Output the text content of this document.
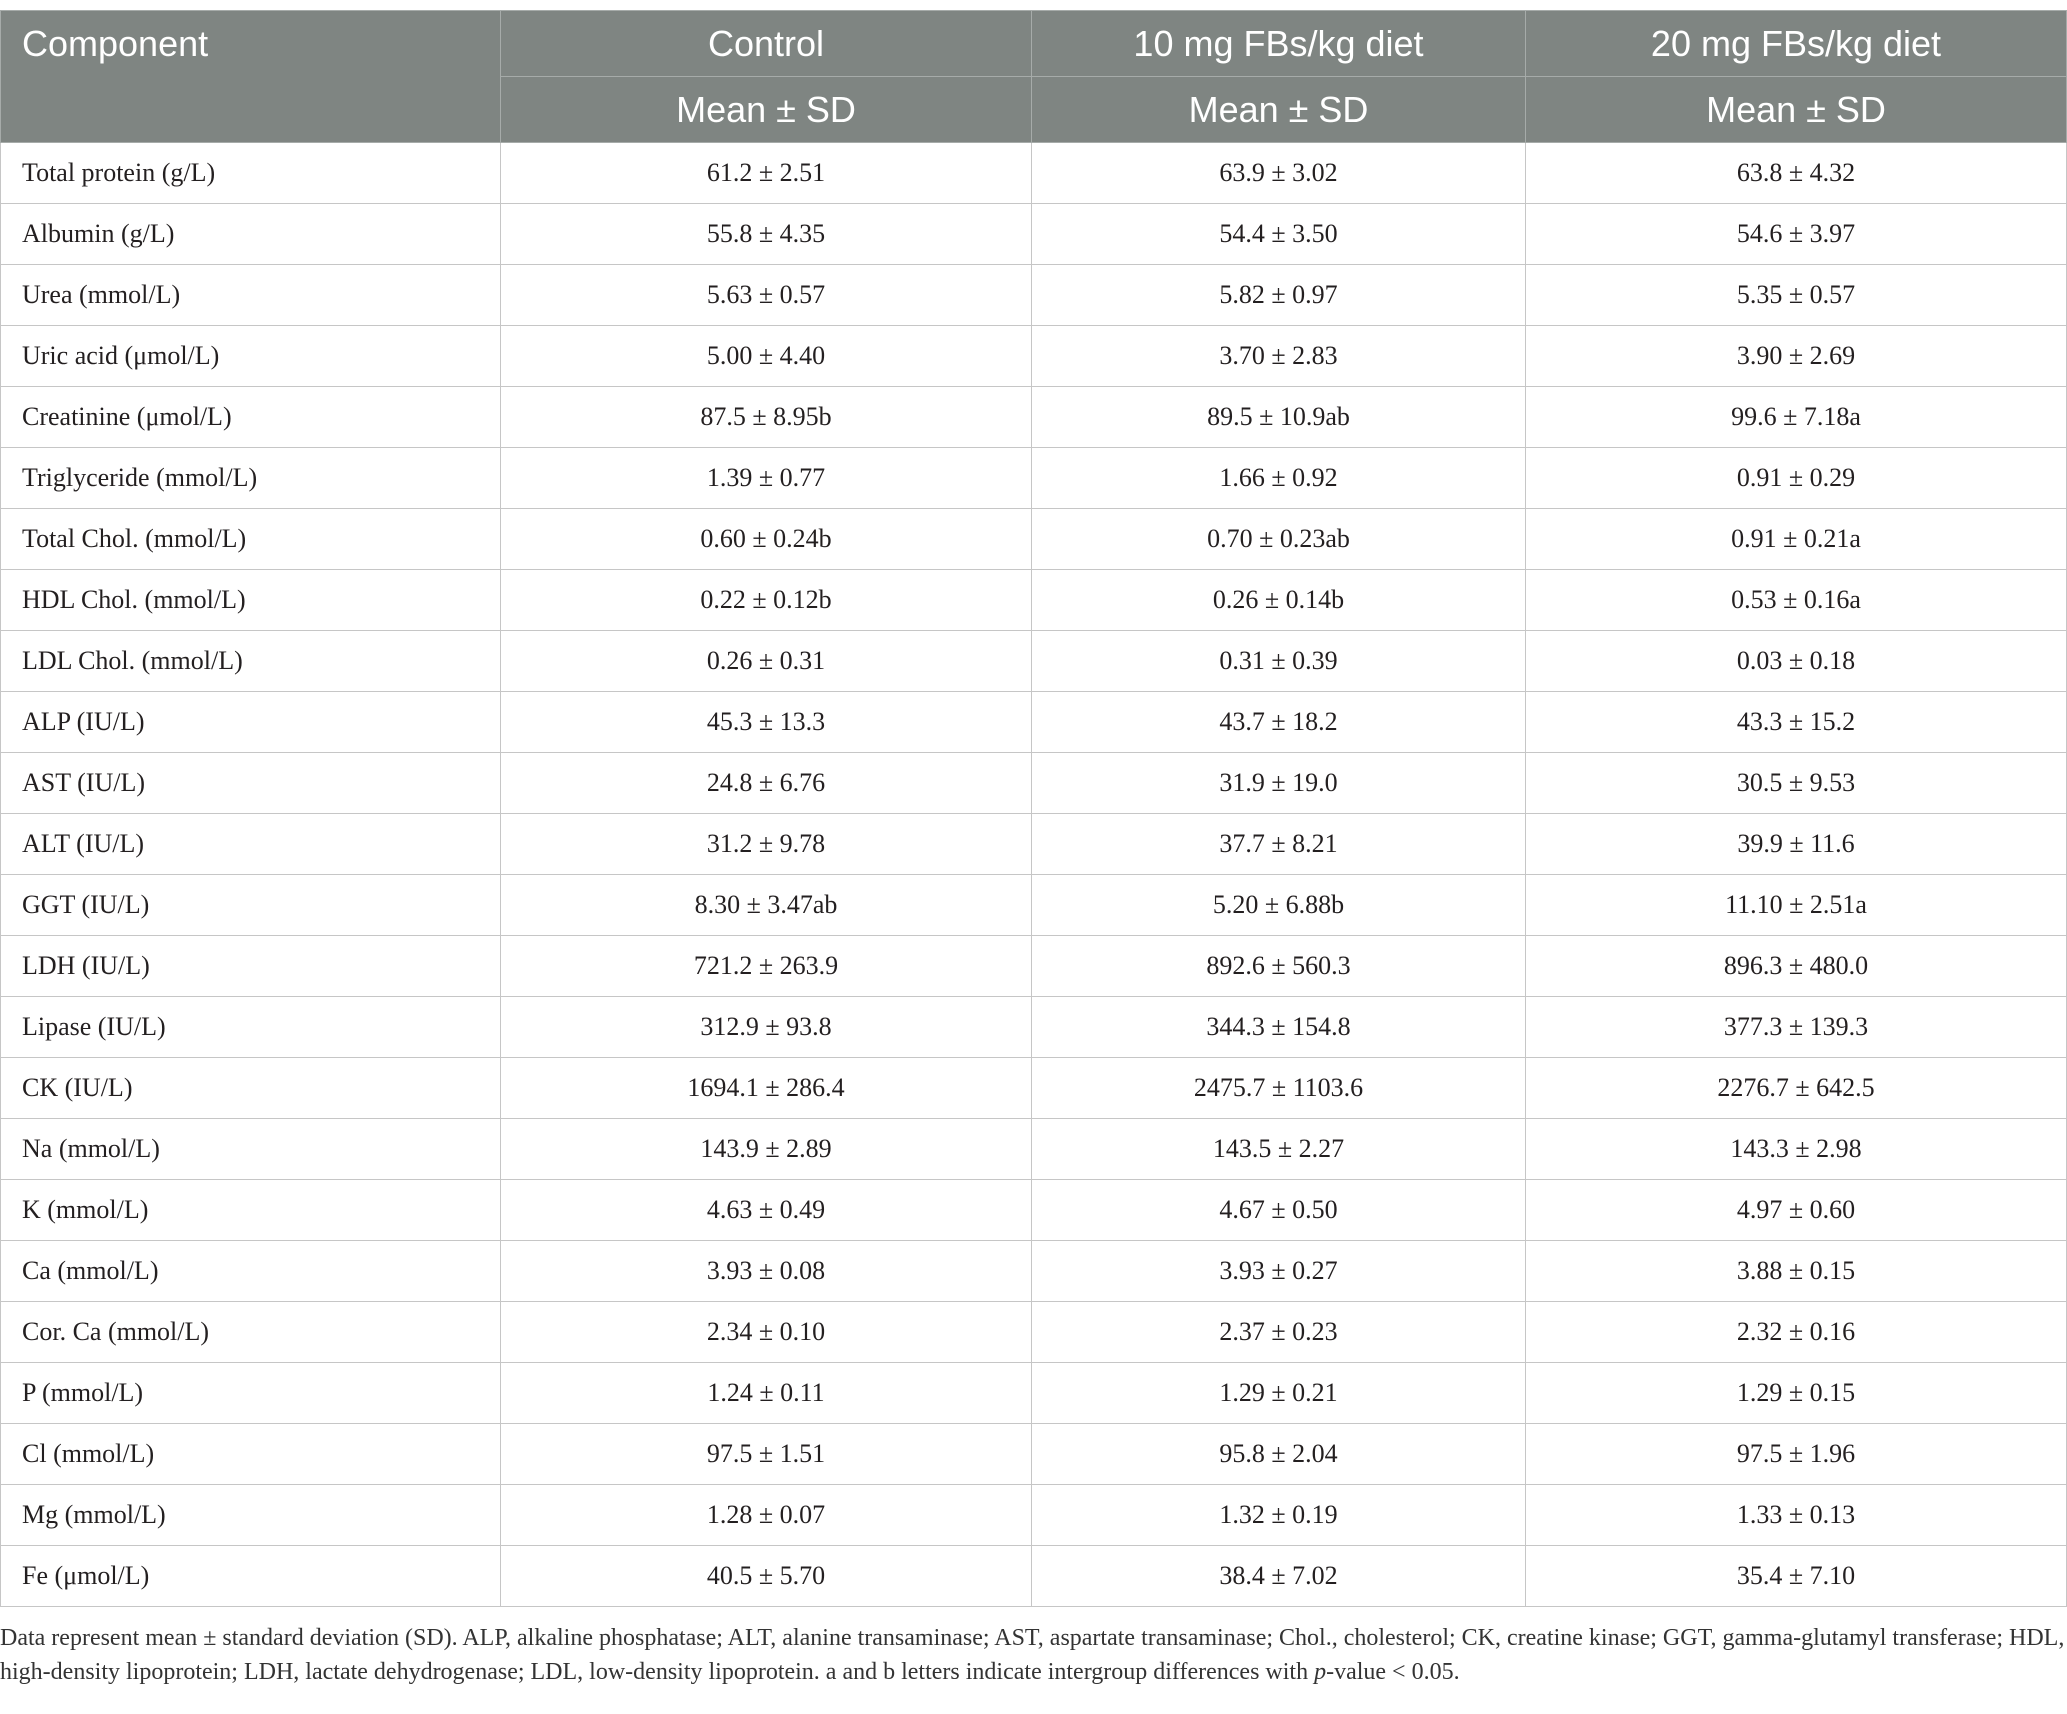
Component	Control	10 mg FBs/kg diet	20 mg FBs/kg diet
	Mean ± SD	Mean ± SD	Mean ± SD
Total protein (g/L)	61.2 ± 2.51	63.9 ± 3.02	63.8 ± 4.32
Albumin (g/L)	55.8 ± 4.35	54.4 ± 3.50	54.6 ± 3.97
Urea (mmol/L)	5.63 ± 0.57	5.82 ± 0.97	5.35 ± 0.57
Uric acid (μmol/L)	5.00 ± 4.40	3.70 ± 2.83	3.90 ± 2.69
Creatinine (μmol/L)	87.5 ± 8.95b	89.5 ± 10.9ab	99.6 ± 7.18a
Triglyceride (mmol/L)	1.39 ± 0.77	1.66 ± 0.92	0.91 ± 0.29
Total Chol. (mmol/L)	0.60 ± 0.24b	0.70 ± 0.23ab	0.91 ± 0.21a
HDL Chol. (mmol/L)	0.22 ± 0.12b	0.26 ± 0.14b	0.53 ± 0.16a
LDL Chol. (mmol/L)	0.26 ± 0.31	0.31 ± 0.39	0.03 ± 0.18
ALP (IU/L)	45.3 ± 13.3	43.7 ± 18.2	43.3 ± 15.2
AST (IU/L)	24.8 ± 6.76	31.9 ± 19.0	30.5 ± 9.53
ALT (IU/L)	31.2 ± 9.78	37.7 ± 8.21	39.9 ± 11.6
GGT (IU/L)	8.30 ± 3.47ab	5.20 ± 6.88b	11.10 ± 2.51a
LDH (IU/L)	721.2 ± 263.9	892.6 ± 560.3	896.3 ± 480.0
Lipase (IU/L)	312.9 ± 93.8	344.3 ± 154.8	377.3 ± 139.3
CK (IU/L)	1694.1 ± 286.4	2475.7 ± 1103.6	2276.7 ± 642.5
Na (mmol/L)	143.9 ± 2.89	143.5 ± 2.27	143.3 ± 2.98
K (mmol/L)	4.63 ± 0.49	4.67 ± 0.50	4.97 ± 0.60
Ca (mmol/L)	3.93 ± 0.08	3.93 ± 0.27	3.88 ± 0.15
Cor. Ca (mmol/L)	2.34 ± 0.10	2.37 ± 0.23	2.32 ± 0.16
P (mmol/L)	1.24 ± 0.11	1.29 ± 0.21	1.29 ± 0.15
Cl (mmol/L)	97.5 ± 1.51	95.8 ± 2.04	97.5 ± 1.96
Mg (mmol/L)	1.28 ± 0.07	1.32 ± 0.19	1.33 ± 0.13
Fe (μmol/L)	40.5 ± 5.70	38.4 ± 7.02	35.4 ± 7.10
Data represent mean ± standard deviation (SD). ALP, alkaline phosphatase; ALT, alanine transaminase; AST, aspartate transaminase; Chol., cholesterol; CK, creatine kinase; GGT, gamma-glutamyl transferase; HDL, high-density lipoprotein; LDH, lactate dehydrogenase; LDL, low-density lipoprotein. a and b letters indicate intergroup differences with p-value < 0.05.
